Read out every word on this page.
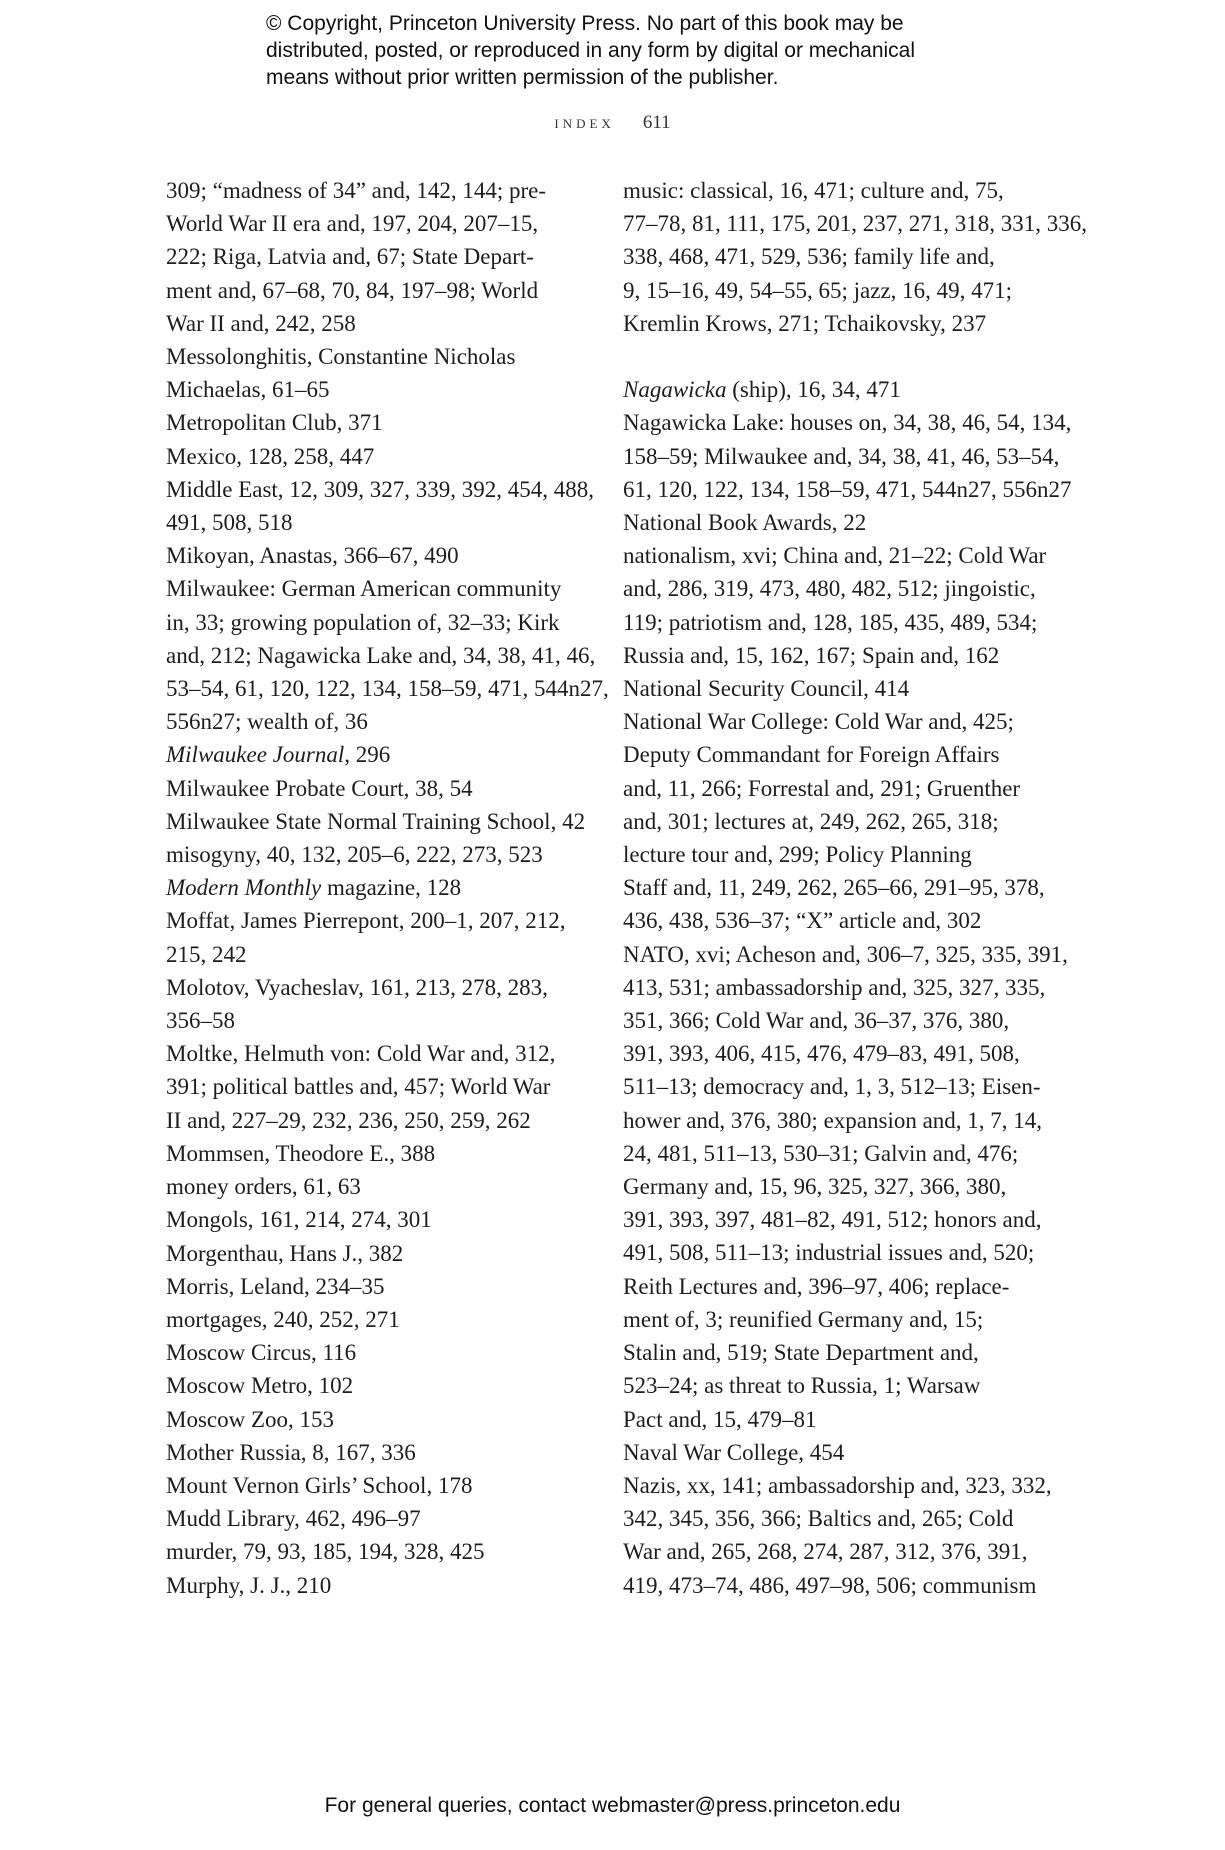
© Copyright, Princeton University Press. No part of this book may be
distributed, posted, or reproduced in any form by digital or mechanical
means without prior written permission of the publisher.
index 611
309; “madness of 34” and, 142, 144; pre-
World War II era and, 197, 204, 207–15,
222; Riga, Latvia and, 67; State Depart-
ment and, 67–68, 70, 84, 197–98; World
War II and, 242, 258
Messolonghitis, Constantine Nicholas
Michaelas, 61–65
Metropolitan Club, 371
Mexico, 128, 258, 447
Middle East, 12, 309, 327, 339, 392, 454, 488,
491, 508, 518
Mikoyan, Anastas, 366–67, 490
Milwaukee: German American community
in, 33; growing population of, 32–33; Kirk
and, 212; Nagawicka Lake and, 34, 38, 41, 46,
53–54, 61, 120, 122, 134, 158–59, 471, 544n27,
556n27; wealth of, 36
Milwaukee Journal, 296
Milwaukee Probate Court, 38, 54
Milwaukee State Normal Training School, 42
misogyny, 40, 132, 205–6, 222, 273, 523
Modern Monthly magazine, 128
Moffat, James Pierrepont, 200–1, 207, 212,
215, 242
Molotov, Vyacheslav, 161, 213, 278, 283,
356–58
Moltke, Helmuth von: Cold War and, 312,
391; political battles and, 457; World War
II and, 227–29, 232, 236, 250, 259, 262
Mommsen, Theodore E., 388
money orders, 61, 63
Mongols, 161, 214, 274, 301
Morgenthau, Hans J., 382
Morris, Leland, 234–35
mortgages, 240, 252, 271
Moscow Circus, 116
Moscow Metro, 102
Moscow Zoo, 153
Mother Russia, 8, 167, 336
Mount Vernon Girls’ School, 178
Mudd Library, 462, 496–97
murder, 79, 93, 185, 194, 328, 425
Murphy, J. J., 210
music: classical, 16, 471; culture and, 75,
77–78, 81, 111, 175, 201, 237, 271, 318, 331, 336,
338, 468, 471, 529, 536; family life and,
9, 15–16, 49, 54–55, 65; jazz, 16, 49, 471;
Kremlin Krows, 271; Tchaikovsky, 237
Nagawicka (ship), 16, 34, 471
Nagawicka Lake: houses on, 34, 38, 46, 54, 134,
158–59; Milwaukee and, 34, 38, 41, 46, 53–54,
61, 120, 122, 134, 158–59, 471, 544n27, 556n27
National Book Awards, 22
nationalism, xvi; China and, 21–22; Cold War
and, 286, 319, 473, 480, 482, 512; jingoistic,
119; patriotism and, 128, 185, 435, 489, 534;
Russia and, 15, 162, 167; Spain and, 162
National Security Council, 414
National War College: Cold War and, 425;
Deputy Commandant for Foreign Affairs
and, 11, 266; Forrestal and, 291; Gruenther
and, 301; lectures at, 249, 262, 265, 318;
lecture tour and, 299; Policy Planning
Staff and, 11, 249, 262, 265–66, 291–95, 378,
436, 438, 536–37; “X” article and, 302
NATO, xvi; Acheson and, 306–7, 325, 335, 391,
413, 531; ambassadorship and, 325, 327, 335,
351, 366; Cold War and, 36–37, 376, 380,
391, 393, 406, 415, 476, 479–83, 491, 508,
511–13; democracy and, 1, 3, 512–13; Eisen-
hower and, 376, 380; expansion and, 1, 7, 14,
24, 481, 511–13, 530–31; Galvin and, 476;
Germany and, 15, 96, 325, 327, 366, 380,
391, 393, 397, 481–82, 491, 512; honors and,
491, 508, 511–13; industrial issues and, 520;
Reith Lectures and, 396–97, 406; replace-
ment of, 3; reunified Germany and, 15;
Stalin and, 519; State Department and,
523–24; as threat to Russia, 1; Warsaw
Pact and, 15, 479–81
Naval War College, 454
Nazis, xx, 141; ambassadorship and, 323, 332,
342, 345, 356, 366; Baltics and, 265; Cold
War and, 265, 268, 274, 287, 312, 376, 391,
419, 473–74, 486, 497–98, 506; communism
For general queries, contact webmaster@press.princeton.edu
